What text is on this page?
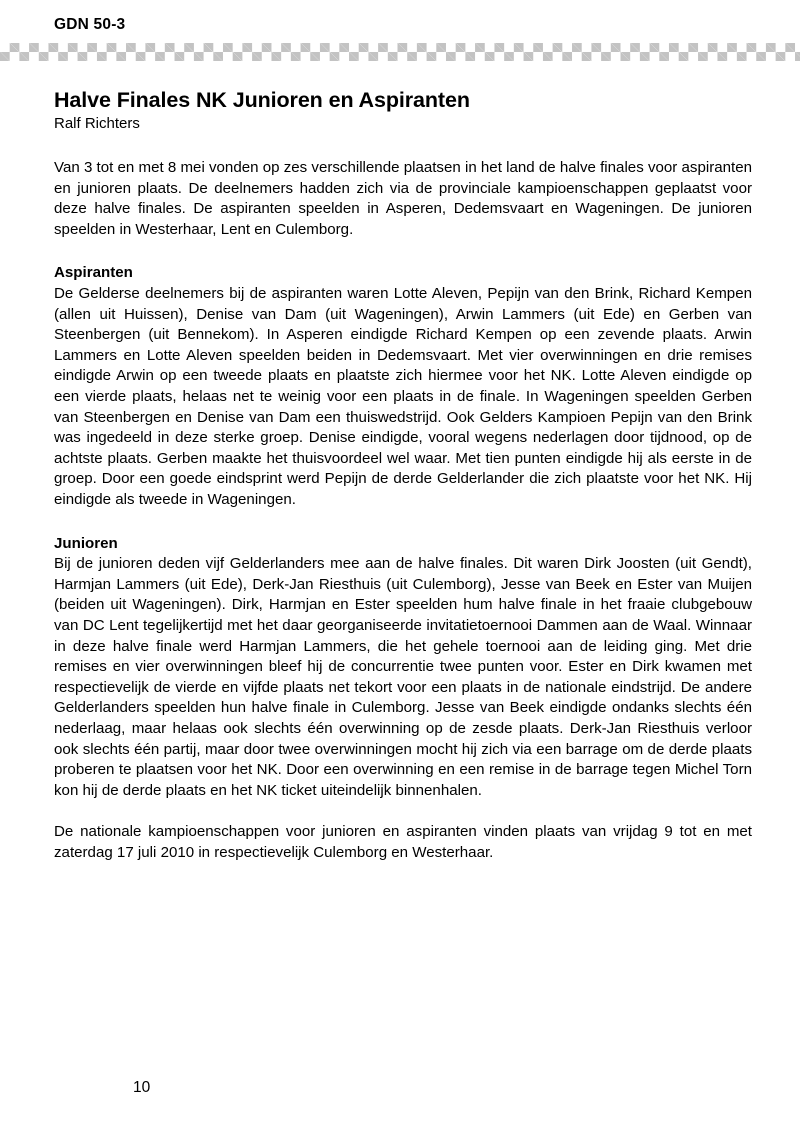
GDN 50-3
Halve Finales NK Junioren en Aspiranten

Ralf Richters

Van 3 tot en met 8 mei vonden op zes verschillende plaatsen in het land de halve finales voor aspiranten en junioren plaats. De deelnemers hadden zich via de provinciale kampioenschappen geplaatst voor deze halve finales. De aspiranten speelden in Asperen, Dedemsvaart en Wageningen. De junioren speelden in Westerhaar, Lent en Culemborg.

Aspiranten

De Gelderse deelnemers bij de aspiranten waren Lotte Aleven, Pepijn van den Brink, Richard Kempen (allen uit Huissen), Denise van Dam (uit Wageningen), Arwin Lammers (uit Ede) en Gerben van Steenbergen (uit Bennekom). In Asperen eindigde Richard Kempen op een zevende plaats. Arwin Lammers en Lotte Aleven speelden beiden in Dedemsvaart. Met vier overwinningen en drie remises eindigde Arwin op een tweede plaats en plaatste zich hiermee voor het NK. Lotte Aleven eindigde op een vierde plaats, helaas net te weinig voor een plaats in de finale. In Wageningen speelden Gerben van Steenbergen en Denise van Dam een thuiswedstrijd. Ook Gelders Kampioen Pepijn van den Brink was ingedeeld in deze sterke groep. Denise eindigde, vooral wegens nederlagen door tijdnood, op de achtste plaats. Gerben maakte het thuisvoordeel wel waar. Met tien punten eindigde hij als eerste in de groep. Door een goede eindsprint werd Pepijn de derde Gelderlander die zich plaatste voor het NK. Hij eindigde als tweede in Wageningen.

Junioren

Bij de junioren deden vijf Gelderlanders mee aan de halve finales. Dit waren Dirk Joosten (uit Gendt), Harmjan Lammers (uit Ede), Derk-Jan Riesthuis (uit Culemborg), Jesse van Beek en Ester van Muijen (beiden uit Wageningen). Dirk, Harmjan en Ester speelden hum halve finale in het fraaie clubgebouw van DC Lent tegelijkertijd met het daar georganiseerde invitatietoernooi Dammen aan de Waal. Winnaar in deze halve finale werd Harmjan Lammers, die het gehele toernooi aan de leiding ging. Met drie remises en vier overwinningen bleef hij de concurrentie twee punten voor. Ester en Dirk kwamen met respectievelijk de vierde en vijfde plaats net tekort voor een plaats in de nationale eindstrijd. De andere Gelderlanders speelden hun halve finale in Culemborg. Jesse van Beek eindigde ondanks slechts één nederlaag, maar helaas ook slechts één overwinning op de zesde plaats. Derk-Jan Riesthuis verloor ook slechts één partij, maar door twee overwinningen mocht hij zich via een barrage om de derde plaats proberen te plaatsen voor het NK. Door een overwinning en een remise in de barrage tegen Michel Torn kon hij de derde plaats en het NK ticket uiteindelijk binnenhalen.

De nationale kampioenschappen voor junioren en aspiranten vinden plaats van vrijdag 9 tot en met zaterdag 17 juli 2010 in respectievelijk Culemborg en Westerhaar.

10
